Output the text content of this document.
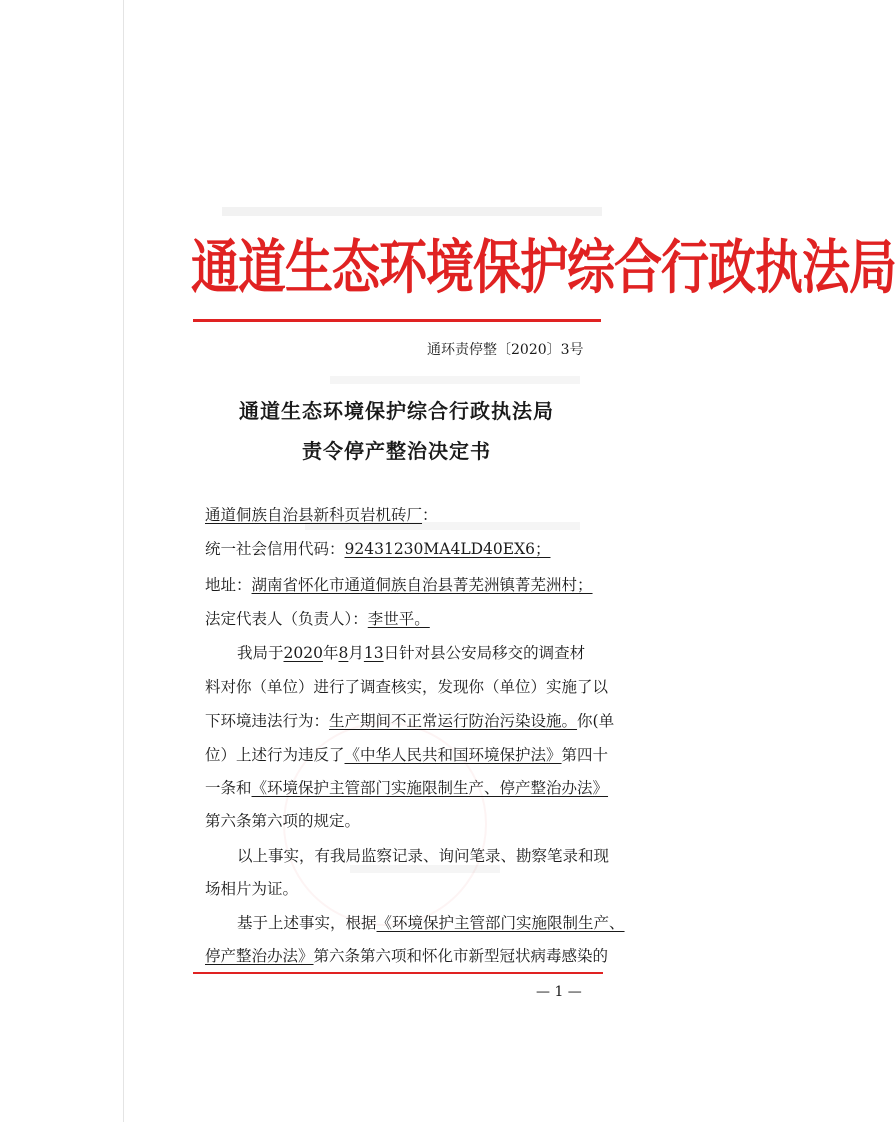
通道生态环境保护综合行政执法局
通环责停整〔2020〕3号
通道生态环境保护综合行政执法局
责令停产整治决定书
通道侗族自治县新科页岩机砖厂：
统一社会信用代码：92431230MA4LD40EX6；
地址：湖南省怀化市通道侗族自治县菁芜洲镇菁芜洲村；
法定代表人（负责人）：李世平。
我局于2020年8月13日针对县公安局移交的调查材
料对你（单位）进行了调查核实，发现你（单位）实施了以
下环境违法行为：生产期间不正常运行防治污染设施。你(单
位）上述行为违反了《中华人民共和国环境保护法》第四十
一条和《环境保护主管部门实施限制生产、停产整治办法》
第六条第六项的规定。
以上事实，有我局监察记录、询问笔录、勘察笔录和现
场相片为证。
基于上述事实，根据《环境保护主管部门实施限制生产、
停产整治办法》第六条第六项和怀化市新型冠状病毒感染的
— 1 —
